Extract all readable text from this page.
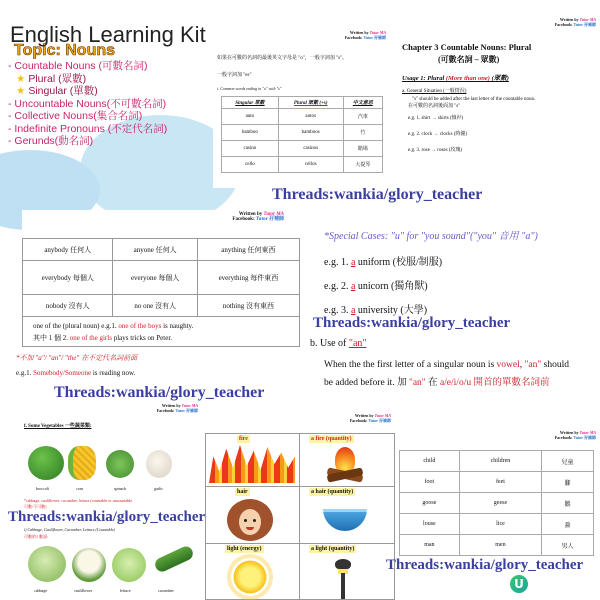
English Learning Kit
Topic: Nouns
- Countable Nouns (可數名詞)
★ Plural (眾數)
★ Singular (單數)
- Uncountable Nouns(不可數名詞)
- Collective Nouns(集合名詞)
- Indefinite Pronouns (不定代名詞)
- Gerunds(動名詞)
Written by Tutor MA
Facebook: Tutor 孖補師
如果在可數的名詞的最後英文字母是 "o"，一般字詞加 "s"。
一般字詞加 "es"
i. Common words ending in "o" with "s"
Singular 單數	Plural 眾數 (+s)	中文意思
auto	autos	汽車
bamboo	bamboos	竹
casino	casinos	賭場
cello	cellos	大提琴
Written by Tutor MA
Facebook: Tutor 孖補師
Chapter 3 Countable Nouns: Plural
(可數名詞 – 眾數)
Usage 1: Plural (More than one) (眾數)
a. General Situation (一般情況)
"s" should be added after the last letter of the countable noun.
在可數的名詞後面加 "s"
e.g. 1. shirt → shirts (恤衫)
e.g. 2. clock → clocks (時鐘)
e.g. 3. rose → roses (玫瑰)
Threads:wankia/glory_teacher
Written by Tutor MA
Facebook: Tutor 孖補師
anybody 任何人	anyone 任何人	anything 任何東西
everybody 每個人	everyone 每個人	everything 每件東西
nobody 沒有人	no one 沒有人	nothing 沒有東西

one of the (plural noun) e.g.1. one of the boys is naughty.
其中 1 個 2. one of the girls plays tricks on Peter.		
*不加 "a"/ "an"/ "the" 在不定代名詞前面
e.g.1. Somebody/Someone is reading now.
*Special Cases: "u" for "you sound"("you" 音用 "a")
e.g. 1. a uniform (校服/制服)
e.g. 2. a unicorn (獨角獸)
e.g. 3. a university (大學)
b. Use of "an"
When the the first letter of a singular noun is vowel, "an" should
be added before it. 加 "an" 在 a/e/i/o/u 開首的單數名詞前
Threads:wankia/glory_teacher
Threads:wankia/glory_teacher
Written by Tutor MA
Facebook: Tutor 孖補師
f. Some Vegetables 一些蔬菜類:
broccoli	corn	spinach	garlic
*cabbage, cauliflower, cucumber, lettuce (countable or uncountable
可數/不可數)
i) Cabbage, Cauliflower, Cucumber, Lettuce (Countable)
可數的1 數詞:
cabbage	cauliflower	lettuce	cucumber
Threads:wankia/glory_teacher
Written by Tutor MA
Facebook: Tutor 孖補師
fire	a fire (quantity)
hair	a hair (quantity)
light (energy)	a light (quantity)
Written by Tutor MA
Facebook: Tutor 孖補師
child	children	兒童
foot	feet	腳
goose	geese	鵝
louse	lice	蝨
man	men	男人
Threads:wankia/glory_teacher
U
